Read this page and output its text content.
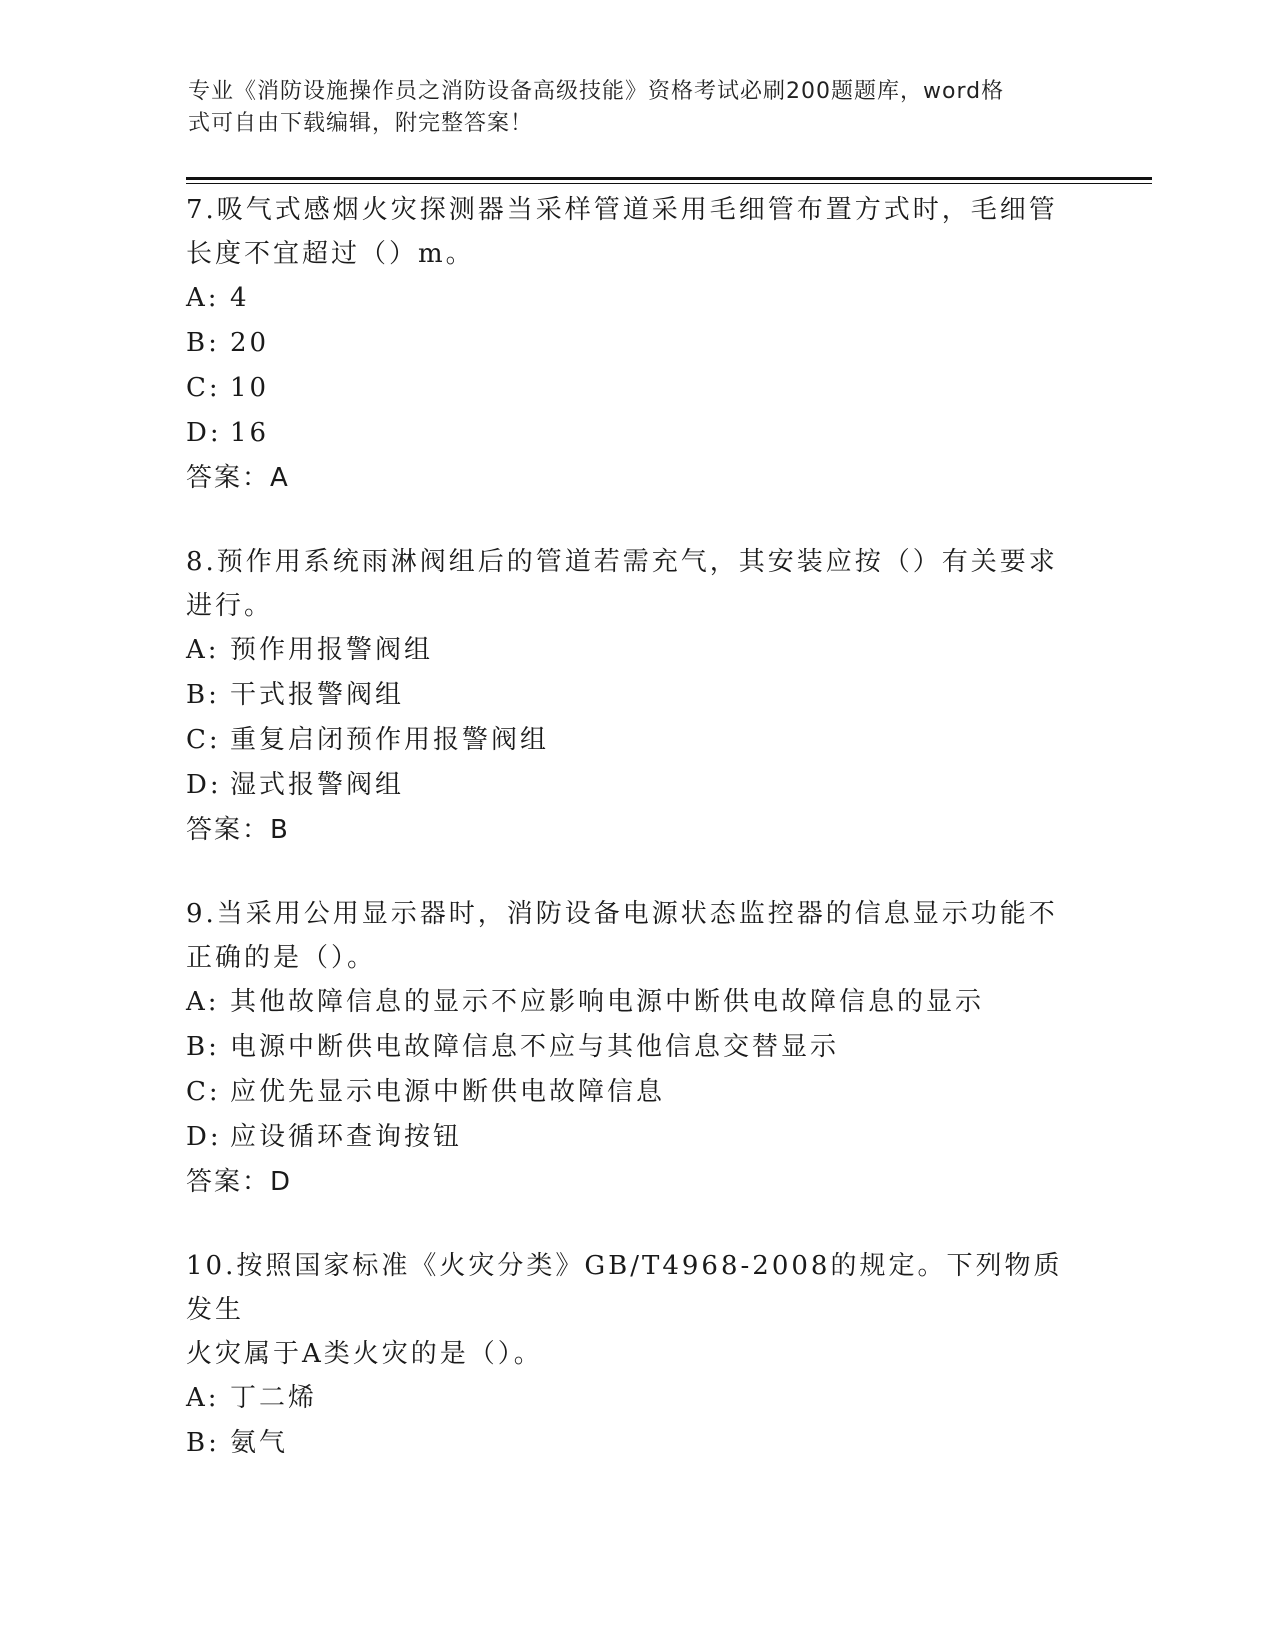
专业《消防设施操作员之消防设备高级技能》资格考试必刷200题题库，word格
式可自由下载编辑，附完整答案！

7.吸气式感烟火灾探测器当采样管道采用毛细管布置方式时，毛细管

长度不宜超过（）m。

A: 4

B: 20

C: 10

D: 16

答案：A

8.预作用系统雨淋阀组后的管道若需充气，其安装应按（）有关要求

进行。

A: 预作用报警阀组

B: 干式报警阀组

C: 重复启闭预作用报警阀组

D: 湿式报警阀组

答案：B

9.当采用公用显示器时，消防设备电源状态监控器的信息显示功能不

正确的是（）。

A: 其他故障信息的显示不应影响电源中断供电故障信息的显示

B: 电源中断供电故障信息不应与其他信息交替显示

C: 应优先显示电源中断供电故障信息

D: 应设循环查询按钮

答案：D

10.按照国家标准《火灾分类》GB/T4968-2008的规定。下列物质发生

火灾属于A类火灾的是（）。

A: 丁二烯

B: 氨气
